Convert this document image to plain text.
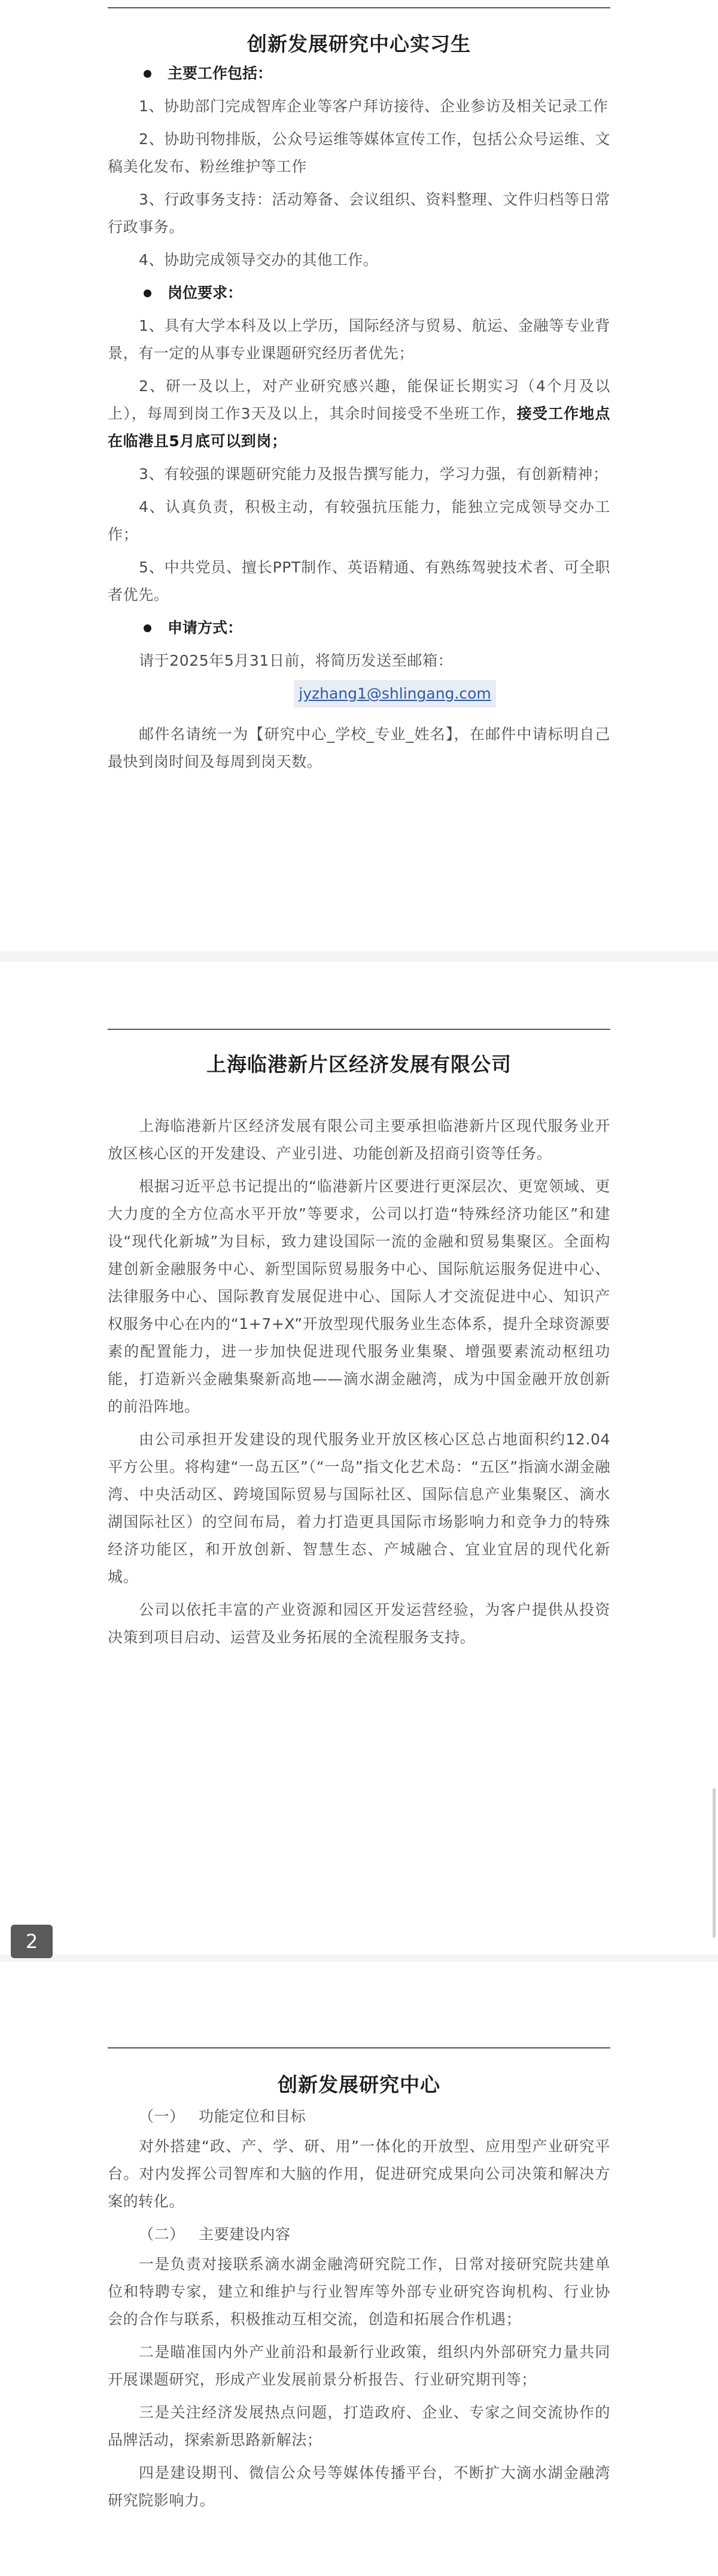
创新发展研究中心实习生
主要工作包括：

1、协助部门完成智库企业等客户拜访接待、企业参访及相关记录工作

2、协助刊物排版，公众号运维等媒体宣传工作，包括公众号运维、文稿美化发布、粉丝维护等工作

3、行政事务支持：活动筹备、会议组织、资料整理、文件归档等日常行政事务。

4、协助完成领导交办的其他工作。

岗位要求：

1、具有大学本科及以上学历，国际经济与贸易、航运、金融等专业背景，有一定的从事专业课题研究经历者优先；

2、研一及以上，对产业研究感兴趣，能保证长期实习（4个月及以上），每周到岗工作3天及以上，其余时间接受不坐班工作，接受工作地点在临港且5月底可以到岗；

3、有较强的课题研究能力及报告撰写能力，学习力强，有创新精神；

4、认真负责，积极主动，有较强抗压能力，能独立完成领导交办工作；

5、中共党员、擅长PPT制作、英语精通、有熟练驾驶技术者、可全职者优先。

申请方式：

请于2025年5月31日前，将简历发送至邮箱：

jyzhang1@shlingang.com

邮件名请统一为【研究中心_学校_专业_姓名】，在邮件中请标明自己最快到岗时间及每周到岗天数。

上海临港新片区经济发展有限公司

上海临港新片区经济发展有限公司主要承担临港新片区现代服务业开放区核心区的开发建设、产业引进、功能创新及招商引资等任务。

根据习近平总书记提出的“临港新片区要进行更深层次、更宽领域、更大力度的全方位高水平开放”等要求，公司以打造“特殊经济功能区”和建设“现代化新城”为目标，致力建设国际一流的金融和贸易集聚区。全面构建创新金融服务中心、新型国际贸易服务中心、国际航运服务促进中心、法律服务中心、国际教育发展促进中心、国际人才交流促进中心、知识产权服务中心在内的“1+7+X”开放型现代服务业生态体系，提升全球资源要素的配置能力，进一步加快促进现代服务业集聚、增强要素流动枢纽功能，打造新兴金融集聚新高地——滴水湖金融湾，成为中国金融开放创新的前沿阵地。

由公司承担开发建设的现代服务业开放区核心区总占地面积约12.04平方公里。将构建“一岛五区”（“一岛”指文化艺术岛：“五区”指滴水湖金融湾、中央活动区、跨境国际贸易与国际社区、国际信息产业集聚区、滴水湖国际社区）的空间布局，着力打造更具国际市场影响力和竞争力的特殊经济功能区，和开放创新、智慧生态、产城融合、宜业宜居的现代化新城。

公司以依托丰富的产业资源和园区开发运营经验，为客户提供从投资决策到项目启动、运营及业务拓展的全流程服务支持。

2
创新发展研究中心
（一） 功能定位和目标

对外搭建“政、产、学、研、用”一体化的开放型、应用型产业研究平台。对内发挥公司智库和大脑的作用，促进研究成果向公司决策和解决方案的转化。

（二） 主要建设内容

一是负责对接联系滴水湖金融湾研究院工作，日常对接研究院共建单位和特聘专家，建立和维护与行业智库等外部专业研究咨询机构、行业协会的合作与联系，积极推动互相交流，创造和拓展合作机遇；

二是瞄准国内外产业前沿和最新行业政策，组织内外部研究力量共同开展课题研究，形成产业发展前景分析报告、行业研究期刊等；

三是关注经济发展热点问题，打造政府、企业、专家之间交流协作的品牌活动，探索新思路新解法；

四是建设期刊、微信公众号等媒体传播平台，不断扩大滴水湖金融湾研究院影响力。
